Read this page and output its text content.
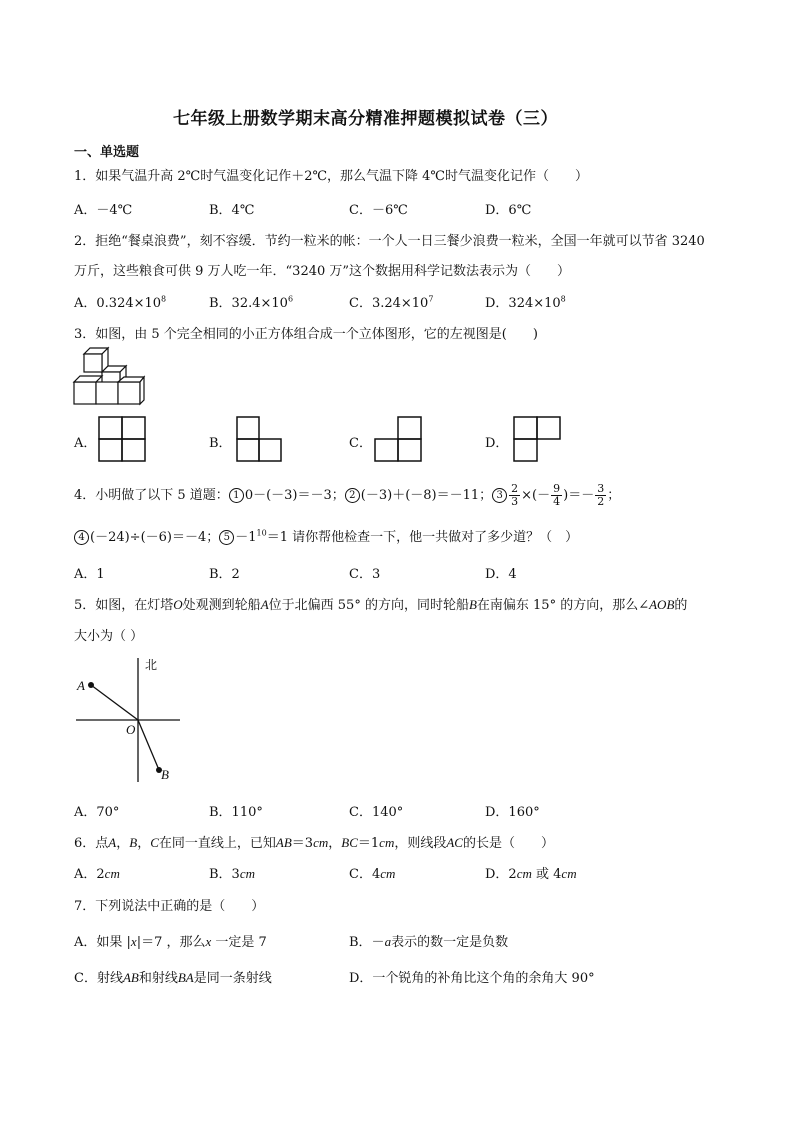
七年级上册数学期末高分精准押题模拟试卷（三）
一、单选题
1．如果气温升高 2℃时气温变化记作＋2℃，那么气温下降 4℃时气温变化记作（　　）
A．－4℃	B．4℃	C．－6℃	D．6℃
2．拒绝“餐桌浪费”，刻不容缓．节约一粒米的帐：一个人一日三餐少浪费一粒米，全国一年就可以节省 3240
万斤，这些粮食可供 9 万人吃一年．“3240 万”这个数据用科学记数法表示为（　　）
A．$0.324\times 10^8$	B．$32.4\times 10^6$	C．$3.24\times 10^7$	D．$324\times 10^8$
3．如图，由 5 个完全相同的小正方体组合成一个立体图形，它的左视图是(　　)
A．	B．	C．	D．
4．小明做了以下 5 道题： 1 0－(－3)＝－3； 2 (－3)＋(－8)＝－11； $3 \frac{2}{3}$ ×(－ $\frac{9}{4}$ )＝－ $\frac{3}{2}$ ；
4 (－24)÷(－6)＝－4； $5 -1^{10}=1$ 请你帮他检查一下，他一共做对了多少道？（　）
A．1	B．2	C．3	D．4
5．如图，在灯塔O处观测到轮船A位于北偏西 55° 的方向，同时轮船B在南偏东 15° 的方向，那么∠AOB的
大小为（ ）
北
A
O
B
A．70°	B．110°	C．140°	D．160°
6．点A，B，C在同一直线上，已知AB＝3cm，BC＝1cm，则线段AC的长是（　　）
A．2cm	B．3cm	C．4cm	D．2cm 或 4cm
7．下列说法中正确的是（　　）
A．如果 |x|＝7 ，那么x 一定是 7	B．－a表示的数一定是负数
C．射线AB和射线BA是同一条射线	D．一个锐角的补角比这个角的余角大 90°
